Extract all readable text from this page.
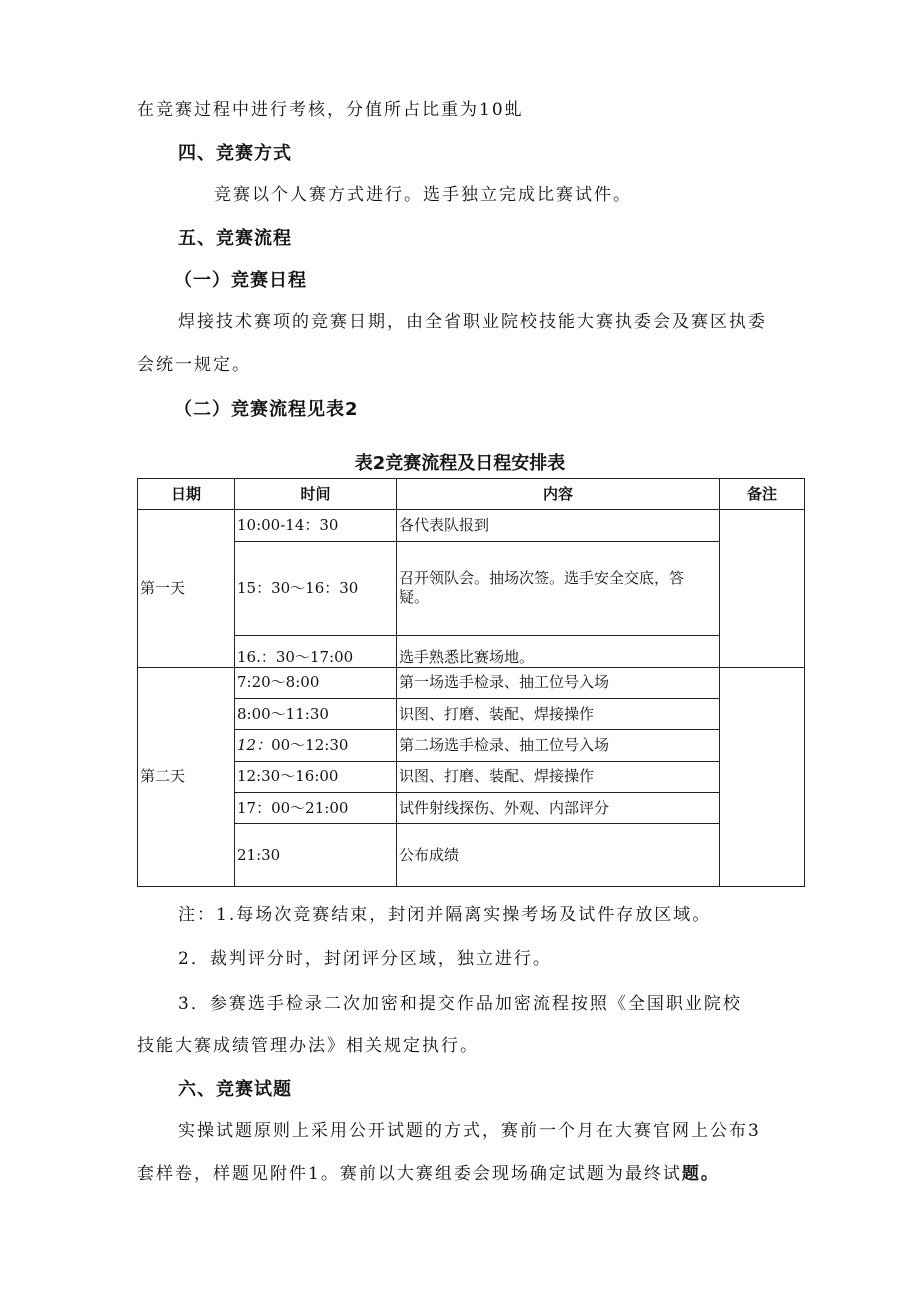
在竞赛过程中进行考核，分值所占比重为10虬
四、竞赛方式
竞赛以个人赛方式进行。选手独立完成比赛试件。
五、竞赛流程
（一）竞赛日程
焊接技术赛项的竞赛日期，由全省职业院校技能大赛执委会及赛区执委
会统一规定。
（二）竞赛流程见表2
表2竞赛流程及日程安排表
日期	时间	内容	备注
第一天	10:00-14：30	各代表队报到	
	15：30～16：30	召开领队会。抽场次签。选手安全交底，答疑。	
	16.：30～17:00	选手熟悉比赛场地。	
第二天	7:20～8:00	第一场选手检录、抽工位号入场	
	8:00～11:30	识图、打磨、装配、焊接操作	
	12：00～12:30	第二场选手检录、抽工位号入场	
	12:30～16:00	识图、打磨、装配、焊接操作	
	17：00～21:00	试件射线探伤、外观、内部评分	
	21:30	公布成绩	
注：1.每场次竞赛结束，封闭并隔离实操考场及试件存放区域。
2．裁判评分时，封闭评分区域，独立进行。
3．参赛选手检录二次加密和提交作品加密流程按照《全国职业院校
技能大赛成绩管理办法》相关规定执行。
六、竞赛试题
实操试题原则上采用公开试题的方式，赛前一个月在大赛官网上公布3
套样卷，样题见附件1。赛前以大赛组委会现场确定试题为最终试题。
